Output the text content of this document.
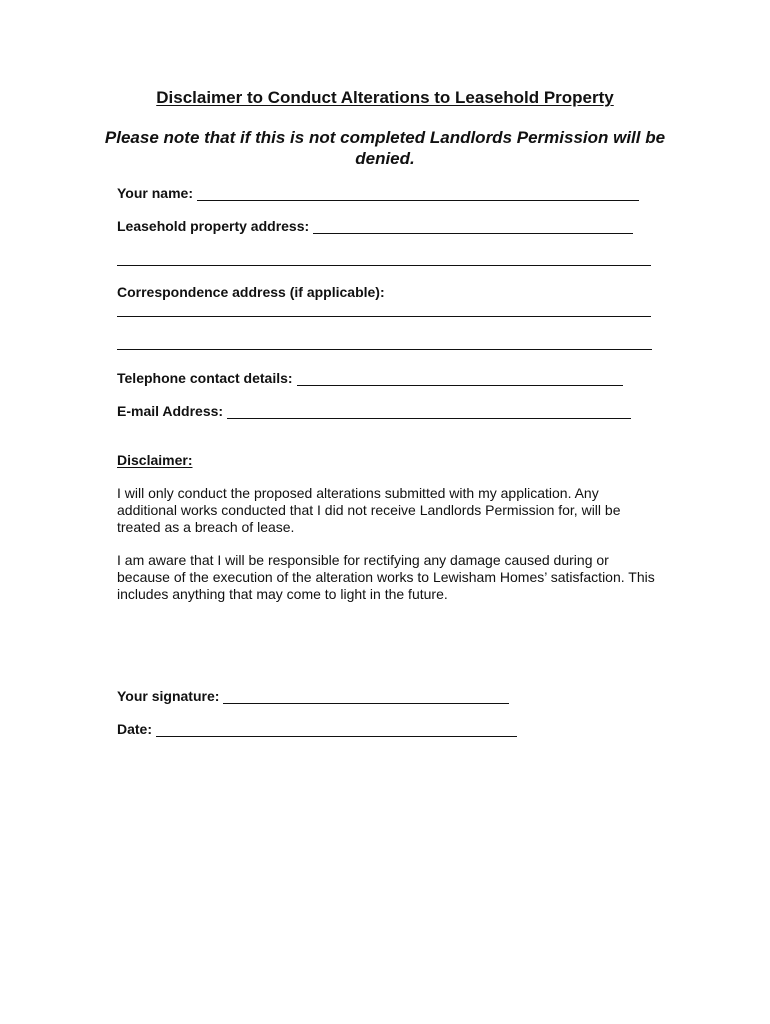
Disclaimer to Conduct Alterations to Leasehold Property
Please note that if this is not completed Landlords Permission will be denied.
Your name:
Leasehold property address:
Correspondence address (if applicable):
Telephone contact details:
E-mail Address:
Disclaimer:
I will only conduct the proposed alterations submitted with my application. Any additional works conducted that I did not receive Landlords Permission for, will be treated as a breach of lease.
I am aware that I will be responsible for rectifying any damage caused during or because of the execution of the alteration works to Lewisham Homes’ satisfaction. This includes anything that may come to light in the future.
Your signature:
Date:
